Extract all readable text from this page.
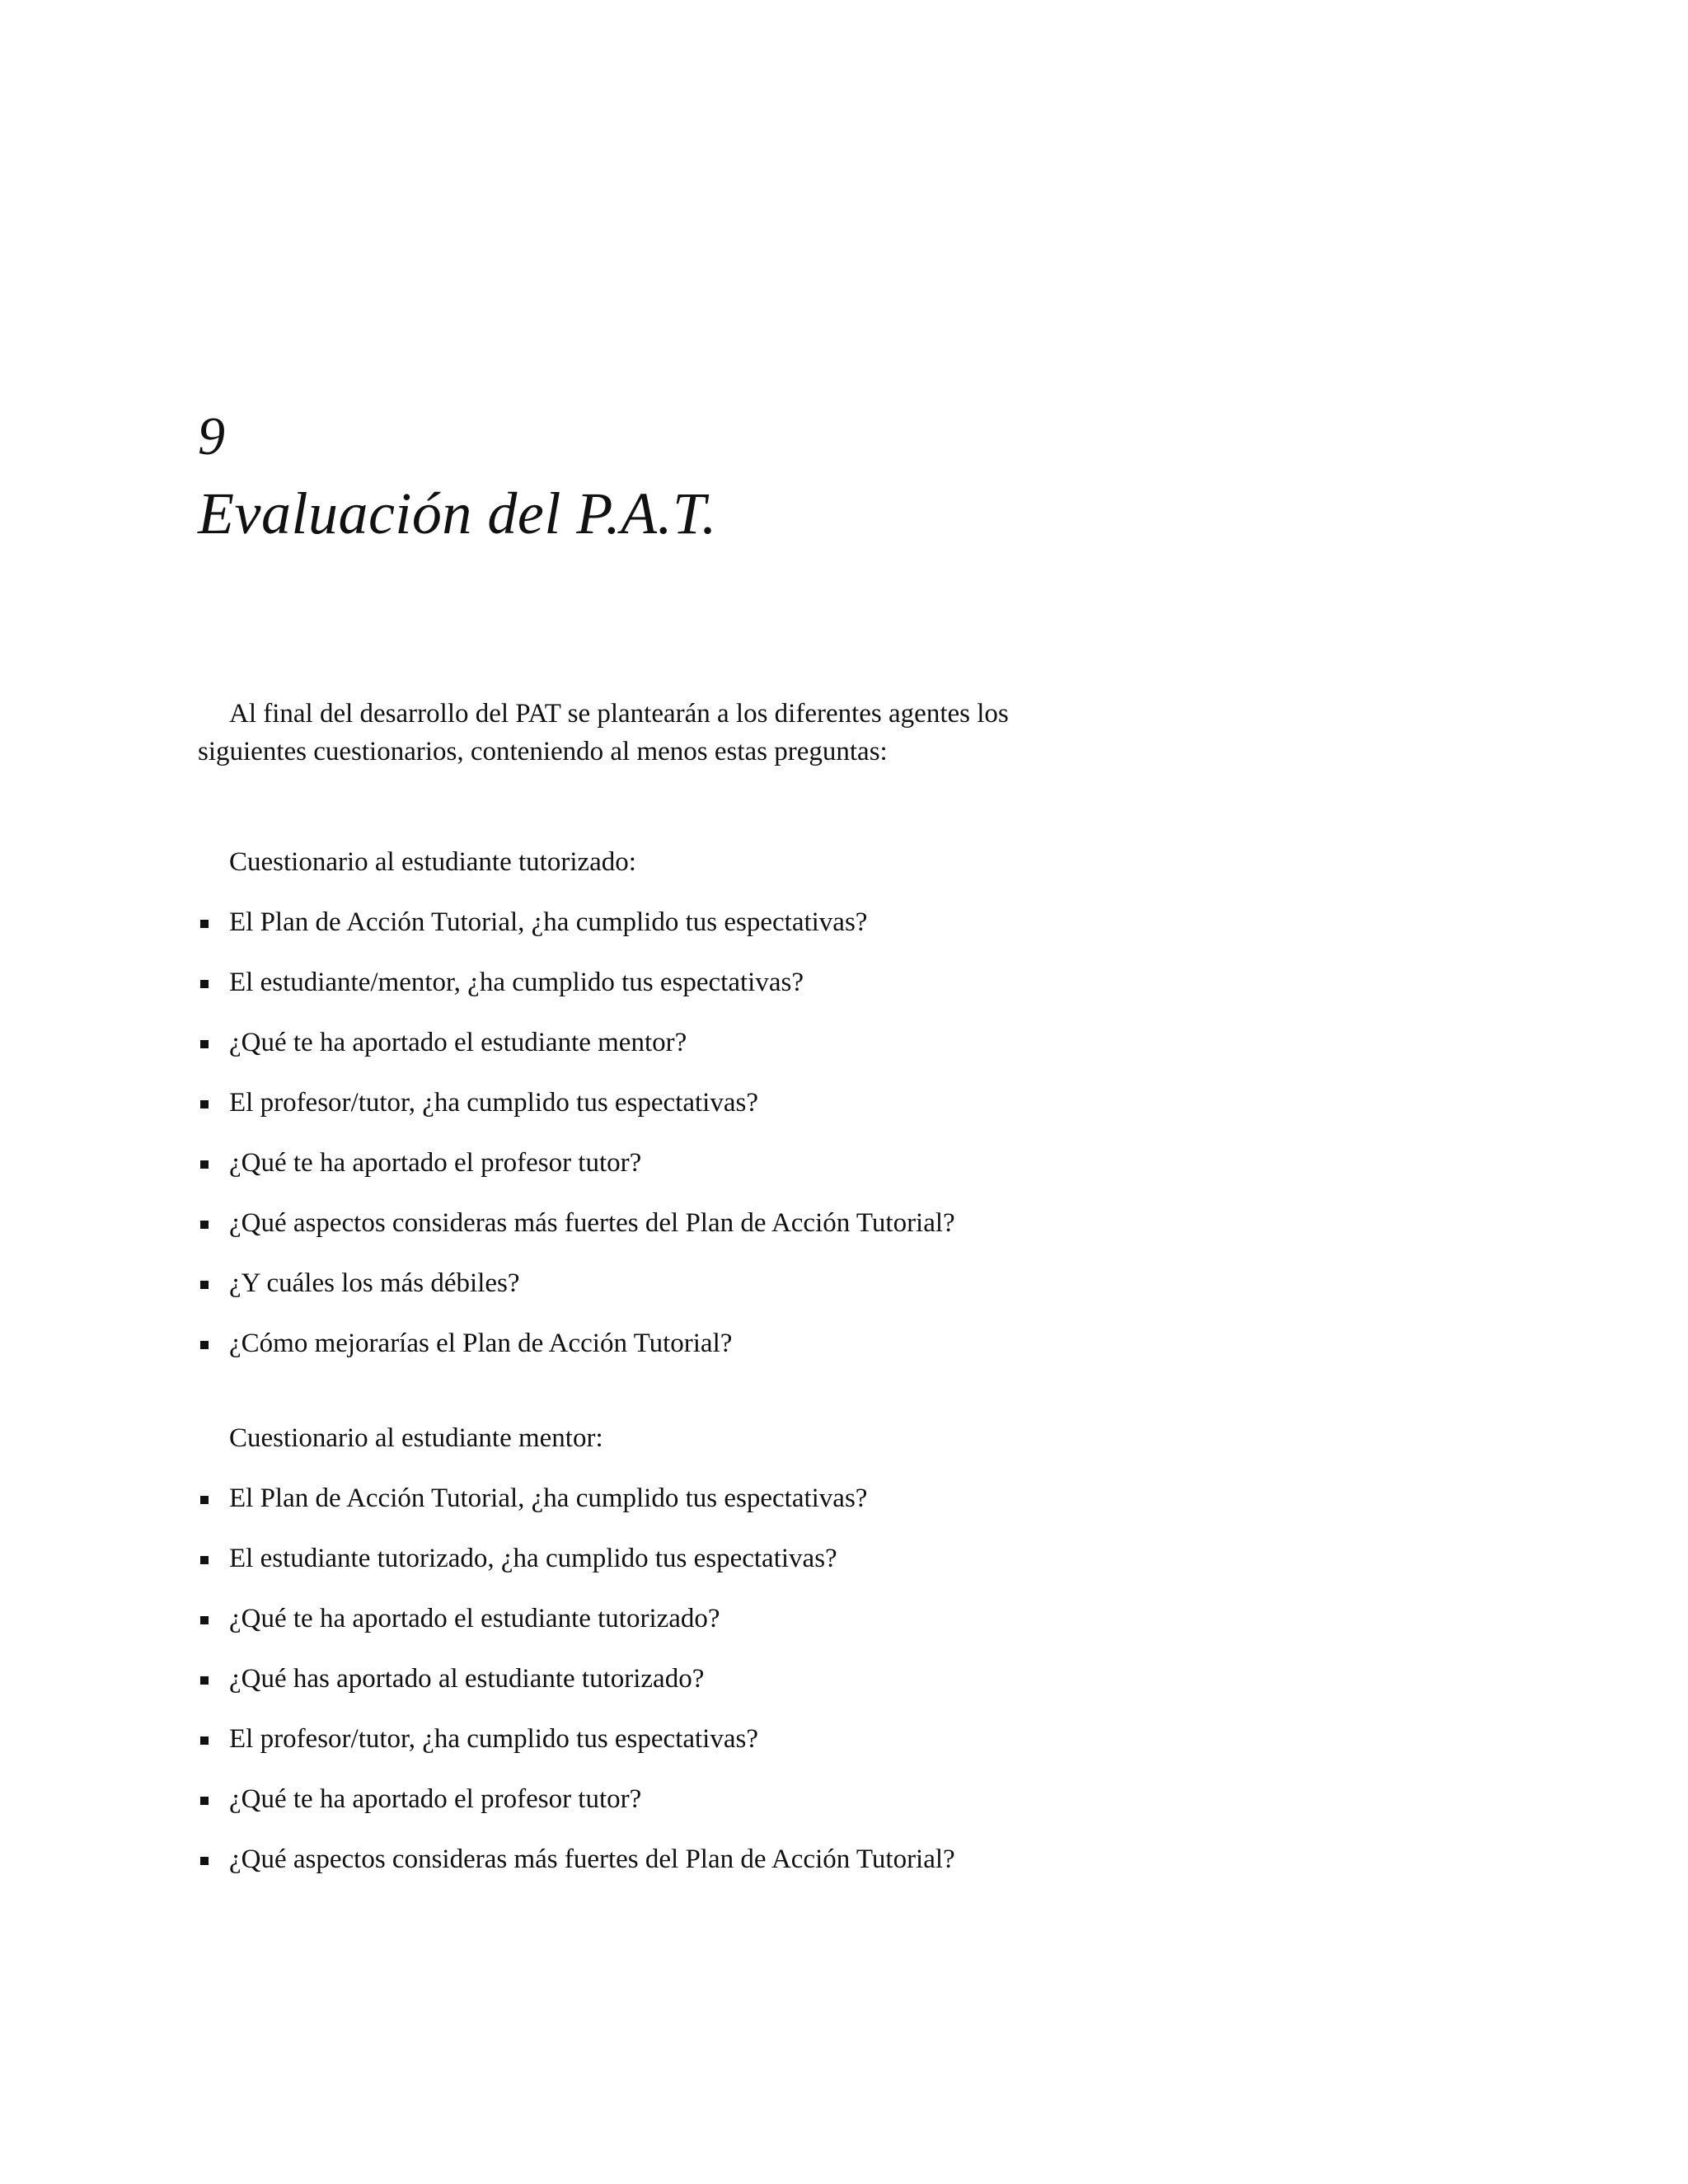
9
Evaluación del P.A.T.

Al final del desarrollo del PAT se plantearán a los diferentes agentes los siguientes cuestionarios, conteniendo al menos estas preguntas:

Cuestionario al estudiante tutorizado:

El Plan de Acción Tutorial, ¿ha cumplido tus espectativas?
El estudiante/mentor, ¿ha cumplido tus espectativas?
¿Qué te ha aportado el estudiante mentor?
El profesor/tutor, ¿ha cumplido tus espectativas?
¿Qué te ha aportado el profesor tutor?
¿Qué aspectos consideras más fuertes del Plan de Acción Tutorial?
¿Y cuáles los más débiles?
¿Cómo mejorarías el Plan de Acción Tutorial?

Cuestionario al estudiante mentor:

El Plan de Acción Tutorial, ¿ha cumplido tus espectativas?
El estudiante tutorizado, ¿ha cumplido tus espectativas?
¿Qué te ha aportado el estudiante tutorizado?
¿Qué has aportado al estudiante tutorizado?
El profesor/tutor, ¿ha cumplido tus espectativas?
¿Qué te ha aportado el profesor tutor?
¿Qué aspectos consideras más fuertes del Plan de Acción Tutorial?
